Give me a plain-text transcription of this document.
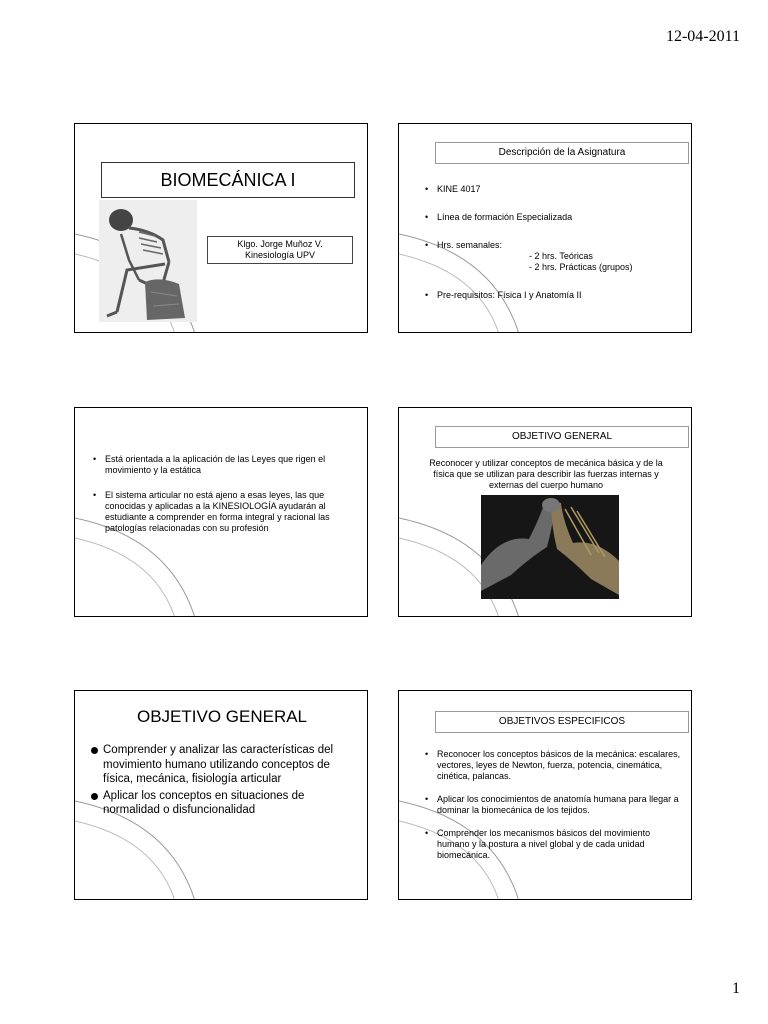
12-04-2011
BIOMECÁNICA I
Klgo. Jorge Muñoz V.
Kinesiología UPV
Descripción de la Asignatura
• KINE 4017
• Línea de formación Especializada
• Hrs. semanales:
- 2 hrs. Teóricas
- 2 hrs. Prácticas (grupos)
• Pre-requisitos: Física I y Anatomía II
• Está orientada a la aplicación de las Leyes que rigen el movimiento y la estática
• El sistema articular no está ajeno a esas leyes, las que conocidas y aplicadas a la KINESIOLOGÍA ayudarán al estudiante a comprender en forma integral y racional las patologías relacionadas con su profesión
OBJETIVO GENERAL
Reconocer y utilizar conceptos de mecánica básica y de la física que se utilizan para describir las fuerzas internas y externas del cuerpo humano
OBJETIVO GENERAL
Comprender y analizar las características del movimiento humano utilizando conceptos de física, mecánica, fisiología articular
Aplicar los conceptos en situaciones de normalidad o disfuncionalidad
OBJETIVOS ESPECIFICOS
• Reconocer los conceptos básicos de la mecánica: escalares, vectores, leyes de Newton, fuerza, potencia, cinemática, cinética, palancas.
• Aplicar los conocimientos de anatomía humana para llegar a dominar la biomecánica de los tejidos.
• Comprender los mecanismos básicos del movimiento humano y la postura a nivel global y de cada unidad biomecánica.
1
